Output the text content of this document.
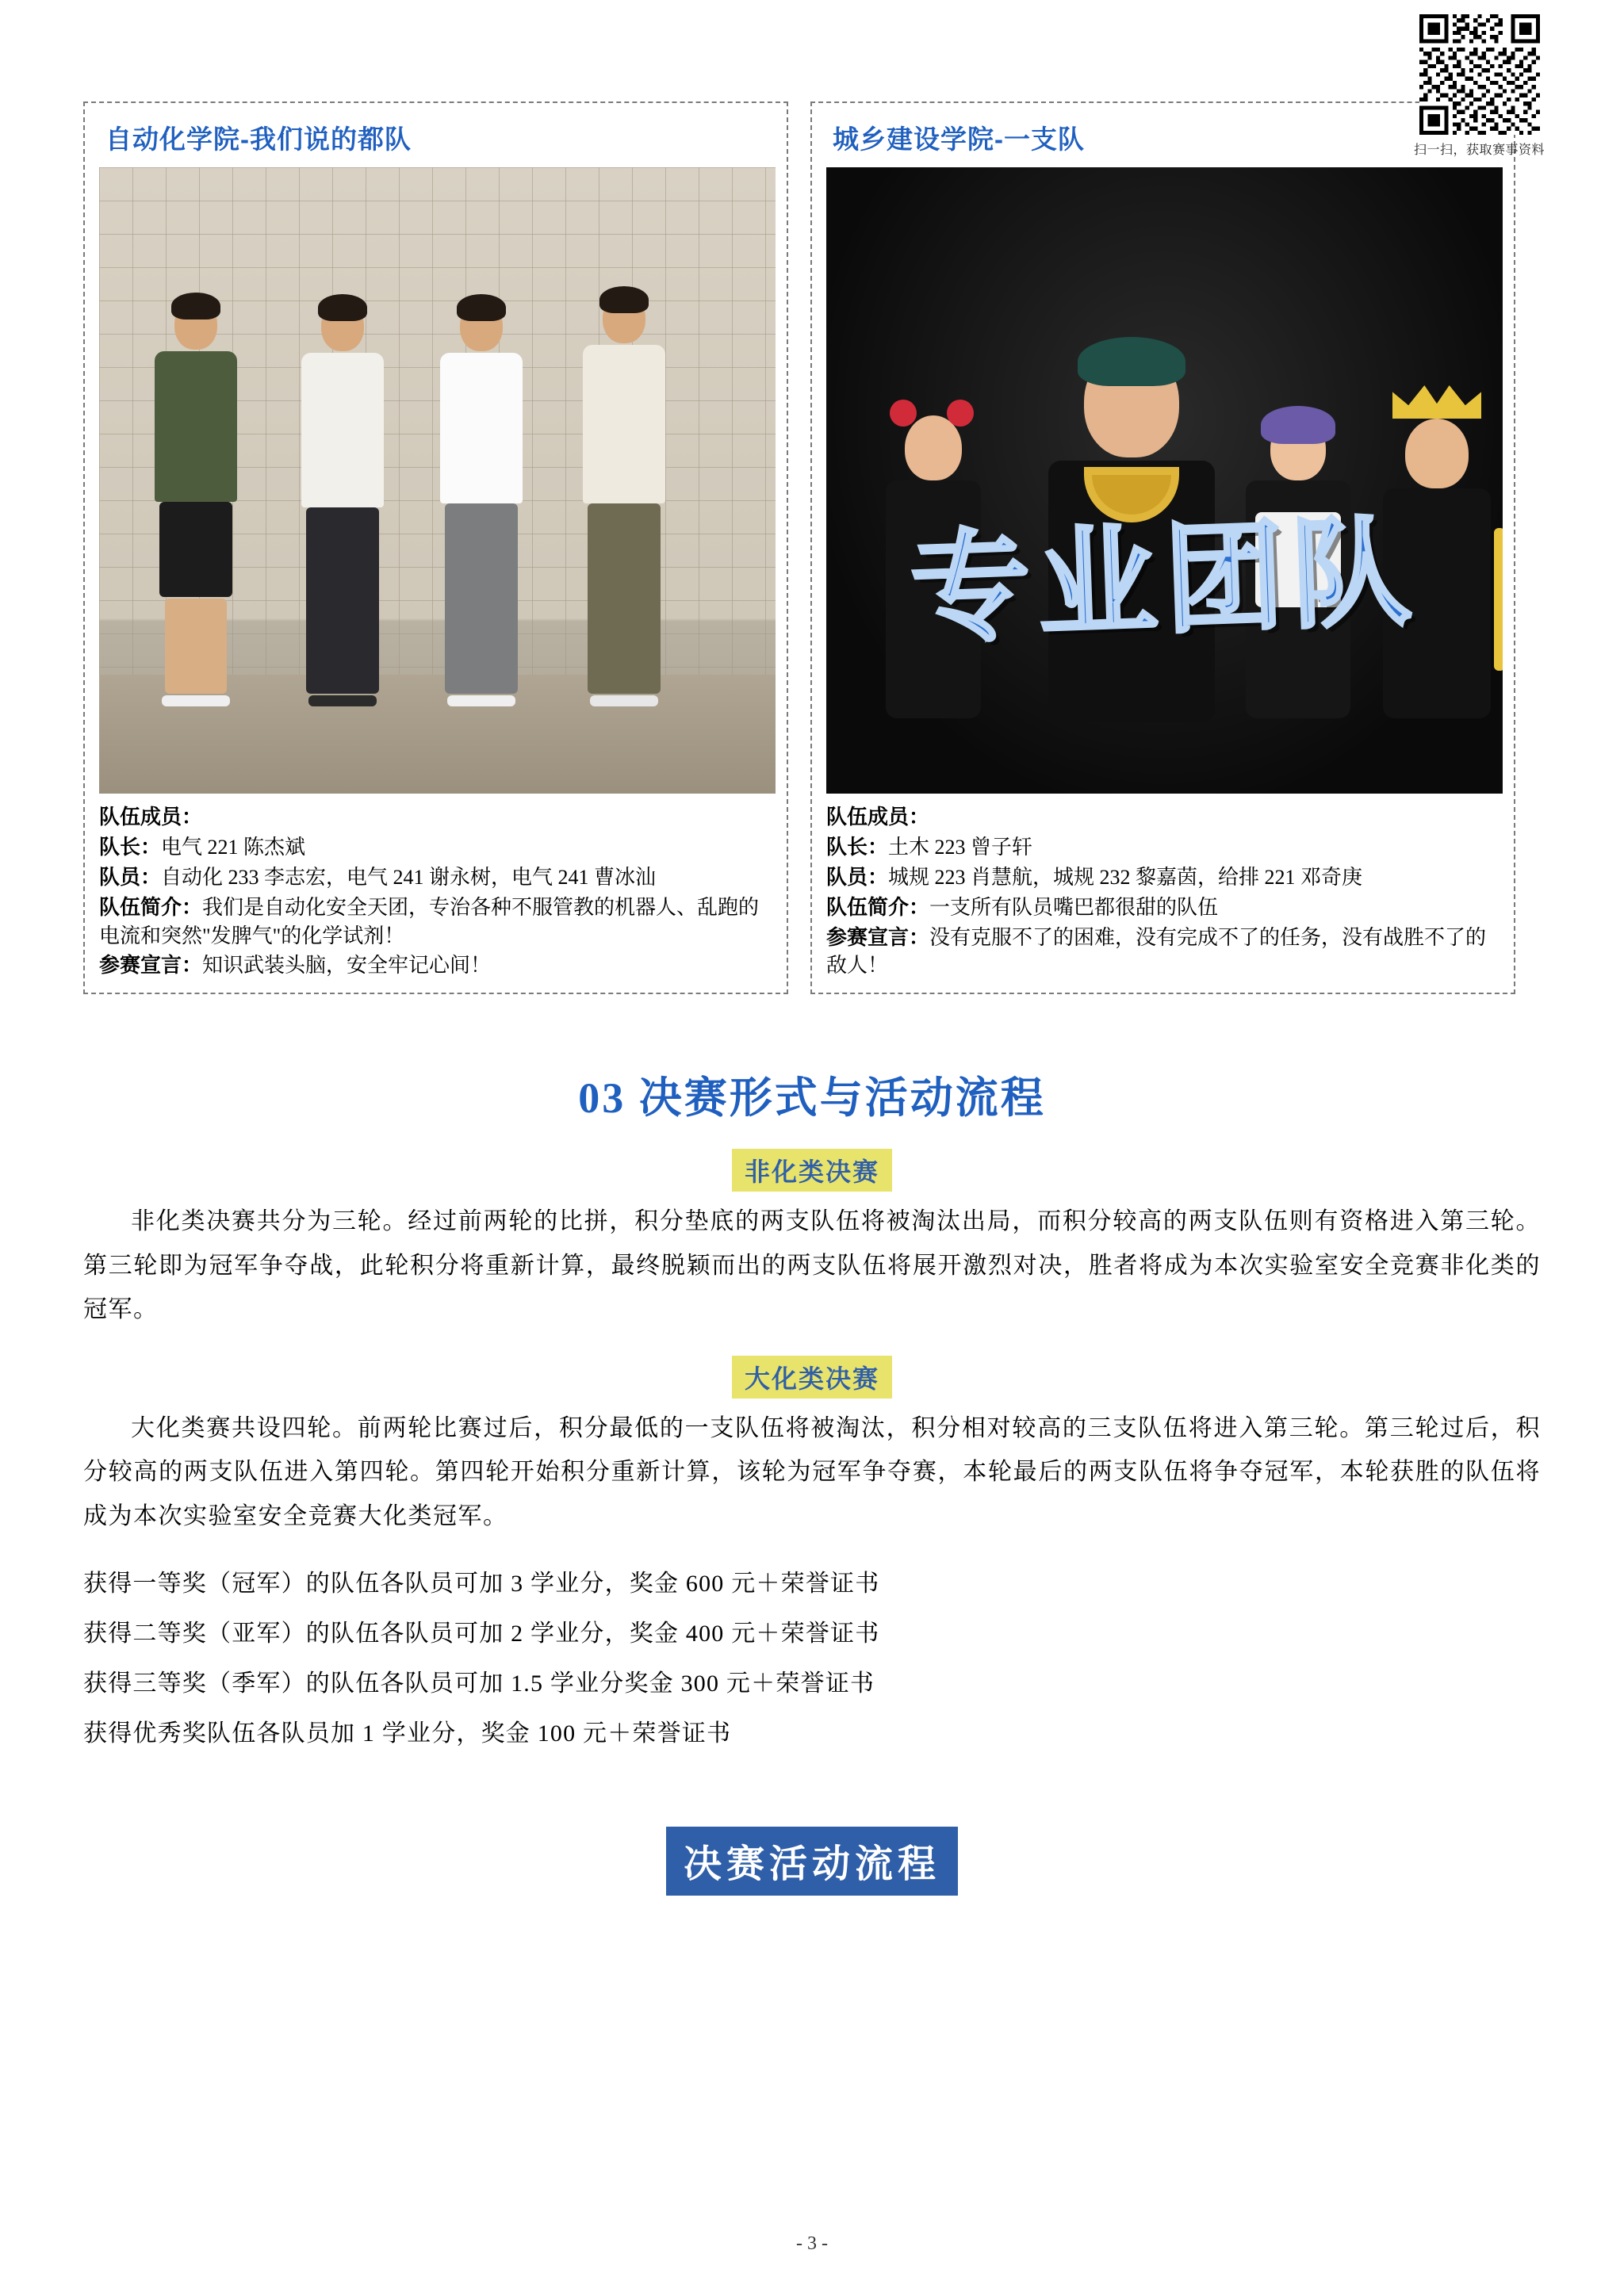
扫一扫，获取赛事资料
自动化学院-我们说的都队
队伍成员：
队长：电气 221 陈杰斌
队员：自动化 233 李志宏，电气 241 谢永树，电气 241 曹冰汕
队伍简介：我们是自动化安全天团，专治各种不服管教的机器人、乱跑的电流和突然"发脾气"的化学试剂！
参赛宣言：知识武装头脑，安全牢记心间！
城乡建设学院-一支队
专业团队
队伍成员：
队长：土木 223 曾子轩
队员：城规 223 肖慧航，城规 232 黎嘉茵，给排 221 邓奇庚
队伍简介：一支所有队员嘴巴都很甜的队伍
参赛宣言：没有克服不了的困难，没有完成不了的任务，没有战胜不了的敌人！
03 决赛形式与活动流程
非化类决赛

非化类决赛共分为三轮。经过前两轮的比拼，积分垫底的两支队伍将被淘汰出局，而积分较高的两支队伍则有资格进入第三轮。第三轮即为冠军争夺战，此轮积分将重新计算，最终脱颖而出的两支队伍将展开激烈对决，胜者将成为本次实验室安全竞赛非化类的冠军。

大化类决赛

大化类赛共设四轮。前两轮比赛过后，积分最低的一支队伍将被淘汰，积分相对较高的三支队伍将进入第三轮。第三轮过后，积分较高的两支队伍进入第四轮。第四轮开始积分重新计算，该轮为冠军争夺赛，本轮最后的两支队伍将争夺冠军，本轮获胜的队伍将成为本次实验室安全竞赛大化类冠军。

获得一等奖（冠军）的队伍各队员可加 3 学业分，奖金 600 元＋荣誉证书

获得二等奖（亚军）的队伍各队员可加 2 学业分，奖金 400 元＋荣誉证书

获得三等奖（季军）的队伍各队员可加 1.5 学业分奖金 300 元＋荣誉证书

获得优秀奖队伍各队员加 1 学业分，奖金 100 元＋荣誉证书

决赛活动流程
- 3 -
